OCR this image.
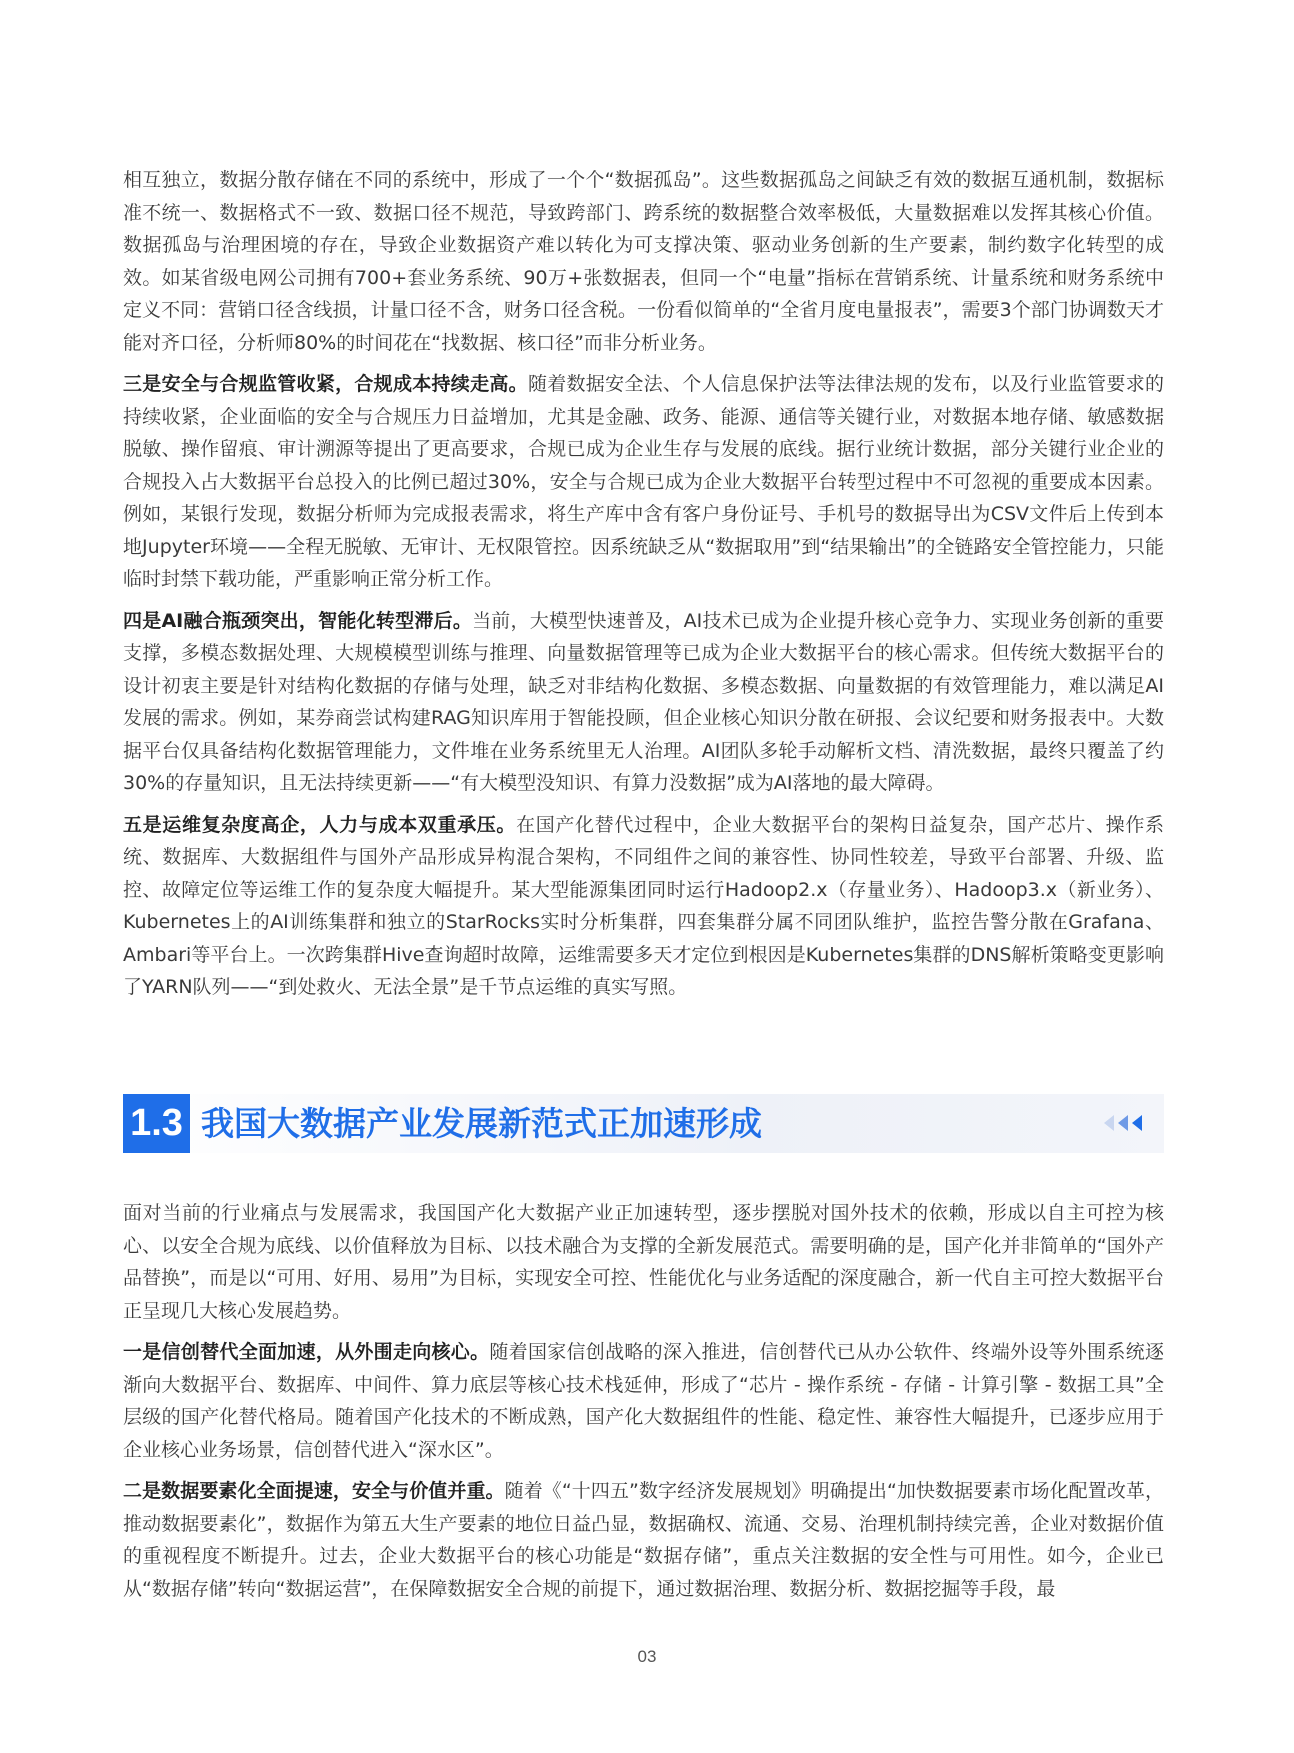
相互独立，数据分散存储在不同的系统中，形成了一个个“数据孤岛”。这些数据孤岛之间缺乏有效的数据互通机制，数据标准不统一、数据格式不一致、数据口径不规范，导致跨部门、跨系统的数据整合效率极低，大量数据难以发挥其核心价值。数据孤岛与治理困境的存在，导致企业数据资产难以转化为可支撑决策、驱动业务创新的生产要素，制约数字化转型的成效。如某省级电网公司拥有700+套业务系统、90万+张数据表，但同一个“电量”指标在营销系统、计量系统和财务系统中定义不同：营销口径含线损，计量口径不含，财务口径含税。一份看似简单的“全省月度电量报表”，需要3个部门协调数天才能对齐口径，分析师80%的时间花在“找数据、核口径”而非分析业务。

三是安全与合规监管收紧，合规成本持续走高。随着数据安全法、个人信息保护法等法律法规的发布，以及行业监管要求的持续收紧，企业面临的安全与合规压力日益增加，尤其是金融、政务、能源、通信等关键行业，对数据本地存储、敏感数据脱敏、操作留痕、审计溯源等提出了更高要求，合规已成为企业生存与发展的底线。据行业统计数据，部分关键行业企业的合规投入占大数据平台总投入的比例已超过30%，安全与合规已成为企业大数据平台转型过程中不可忽视的重要成本因素。例如，某银行发现，数据分析师为完成报表需求，将生产库中含有客户身份证号、手机号的数据导出为CSV文件后上传到本地Jupyter环境——全程无脱敏、无审计、无权限管控。因系统缺乏从“数据取用”到“结果输出”的全链路安全管控能力，只能临时封禁下载功能，严重影响正常分析工作。

四是AI融合瓶颈突出，智能化转型滞后。当前，大模型快速普及，AI技术已成为企业提升核心竞争力、实现业务创新的重要支撑，多模态数据处理、大规模模型训练与推理、向量数据管理等已成为企业大数据平台的核心需求。但传统大数据平台的设计初衷主要是针对结构化数据的存储与处理，缺乏对非结构化数据、多模态数据、向量数据的有效管理能力，难以满足AI发展的需求。例如，某券商尝试构建RAG知识库用于智能投顾，但企业核心知识分散在研报、会议纪要和财务报表中。大数据平台仅具备结构化数据管理能力，文件堆在业务系统里无人治理。AI团队多轮手动解析文档、清洗数据，最终只覆盖了约30%的存量知识，且无法持续更新——“有大模型没知识、有算力没数据”成为AI落地的最大障碍。

五是运维复杂度高企，人力与成本双重承压。在国产化替代过程中，企业大数据平台的架构日益复杂，国产芯片、操作系统、数据库、大数据组件与国外产品形成异构混合架构，不同组件之间的兼容性、协同性较差，导致平台部署、升级、监控、故障定位等运维工作的复杂度大幅提升。某大型能源集团同时运行Hadoop2.x（存量业务）、Hadoop3.x（新业务）、Kubernetes上的AI训练集群和独立的StarRocks实时分析集群，四套集群分属不同团队维护，监控告警分散在Grafana、Ambari等平台上。一次跨集群Hive查询超时故障，运维需要多天才定位到根因是Kubernetes集群的DNS解析策略变更影响了YARN队列——“到处救火、无法全景”是千节点运维的真实写照。

1.3 我国大数据产业发展新范式正加速形成

面对当前的行业痛点与发展需求，我国国产化大数据产业正加速转型，逐步摆脱对国外技术的依赖，形成以自主可控为核心、以安全合规为底线、以价值释放为目标、以技术融合为支撑的全新发展范式。需要明确的是，国产化并非简单的“国外产品替换”，而是以“可用、好用、易用”为目标，实现安全可控、性能优化与业务适配的深度融合，新一代自主可控大数据平台正呈现几大核心发展趋势。

一是信创替代全面加速，从外围走向核心。随着国家信创战略的深入推进，信创替代已从办公软件、终端外设等外围系统逐渐向大数据平台、数据库、中间件、算力底层等核心技术栈延伸，形成了“芯片 - 操作系统 - 存储 - 计算引擎 - 数据工具”全层级的国产化替代格局。随着国产化技术的不断成熟，国产化大数据组件的性能、稳定性、兼容性大幅提升，已逐步应用于企业核心业务场景，信创替代进入“深水区”。

二是数据要素化全面提速，安全与价值并重。随着《“十四五”数字经济发展规划》明确提出“加快数据要素市场化配置改革，推动数据要素化”，数据作为第五大生产要素的地位日益凸显，数据确权、流通、交易、治理机制持续完善，企业对数据价值的重视程度不断提升。过去，企业大数据平台的核心功能是“数据存储”，重点关注数据的安全性与可用性。如今，企业已从“数据存储”转向“数据运营”，在保障数据安全合规的前提下，通过数据治理、数据分析、数据挖掘等手段，最

03
